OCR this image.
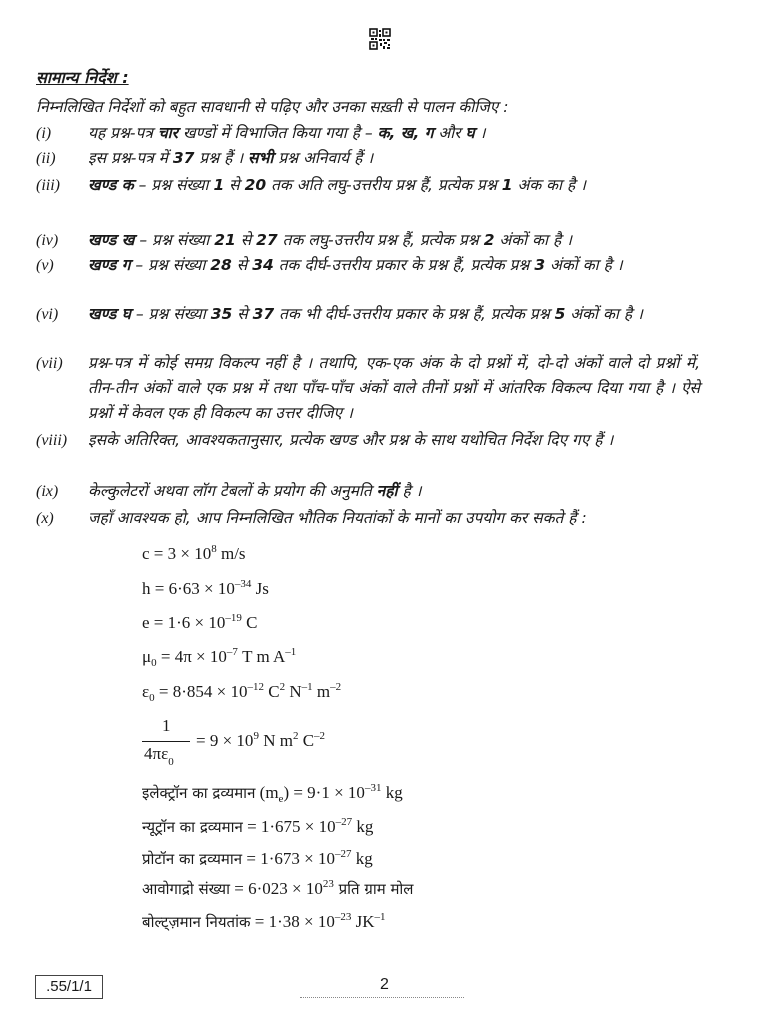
सामान्य निर्देश :
निम्नलिखित निर्देशों को बहुत सावधानी से पढ़िए और उनका सख़्ती से पालन कीजिए :
(i) यह प्रश्न-पत्र चार खण्डों में विभाजित किया गया है – क, ख, ग और घ ।
(ii) इस प्रश्न-पत्र में 37 प्रश्न हैं । सभी प्रश्न अनिवार्य हैं ।
(iii) खण्ड क – प्रश्न संख्या 1 से 20 तक अति लघु-उत्तरीय प्रश्न हैं, प्रत्येक प्रश्न 1 अंक का है ।
(iv) खण्ड ख – प्रश्न संख्या 21 से 27 तक लघु-उत्तरीय प्रश्न हैं, प्रत्येक प्रश्न 2 अंकों का है ।
(v) खण्ड ग – प्रश्न संख्या 28 से 34 तक दीर्घ-उत्तरीय प्रकार के प्रश्न हैं, प्रत्येक प्रश्न 3 अंकों का है ।
(vi) खण्ड घ – प्रश्न संख्या 35 से 37 तक भी दीर्घ-उत्तरीय प्रकार के प्रश्न हैं, प्रत्येक प्रश्न 5 अंकों का है ।
(vii) प्रश्न-पत्र में कोई समग्र विकल्प नहीं है । तथापि, एक-एक अंक के दो प्रश्नों में, दो-दो अंकों वाले दो प्रश्नों में, तीन-तीन अंकों वाले एक प्रश्न में तथा पाँच-पाँच अंकों वाले तीनों प्रश्नों में आंतरिक विकल्प दिया गया है । ऐसे प्रश्नों में केवल एक ही विकल्प का उत्तर दीजिए ।
(viii) इसके अतिरिक्त, आवश्यकतानुसार, प्रत्येक खण्ड और प्रश्न के साथ यथोचित निर्देश दिए गए हैं ।
(ix) केल्कुलेटरों अथवा लॉग टेबलों के प्रयोग की अनुमति नहीं है ।
(x) जहाँ आवश्यक हो, आप निम्नलिखित भौतिक नियतांकों के मानों का उपयोग कर सकते हैं :
$c = 3 \times 10^8$ m/s
$h = 6\cdot 63 \times 10^{-34}$ Js
$e = 1\cdot 6 \times 10^{-19}$ C
$\mu_0 = 4\pi \times 10^{-7}$ T m $A^{-1}$
$\varepsilon_0 = 8\cdot 854 \times 10^{-12}$ $C^2$ $N^{-1}$ $m^{-2}$
1
$4\pi\varepsilon_0$
= $9 \times 10^9$ N $m^2$ $C^{-2}$
इलेक्ट्रॉन का द्रव्यमान $(m_e) = 9\cdot 1 \times 10^{-31}$ kg
न्यूट्रॉन का द्रव्यमान = $1\cdot 675 \times 10^{-27}$ kg
प्रोटॉन का द्रव्यमान = $1\cdot 673 \times 10^{-27}$ kg
आवोगाद्रो संख्या = $6\cdot 023 \times 10^{23}$ प्रति ग्राम मोल
बोल्ट्ज़मान नियतांक = $1\cdot 38 \times 10^{-23}$ $JK^{-1}$
.55/1/1	2
